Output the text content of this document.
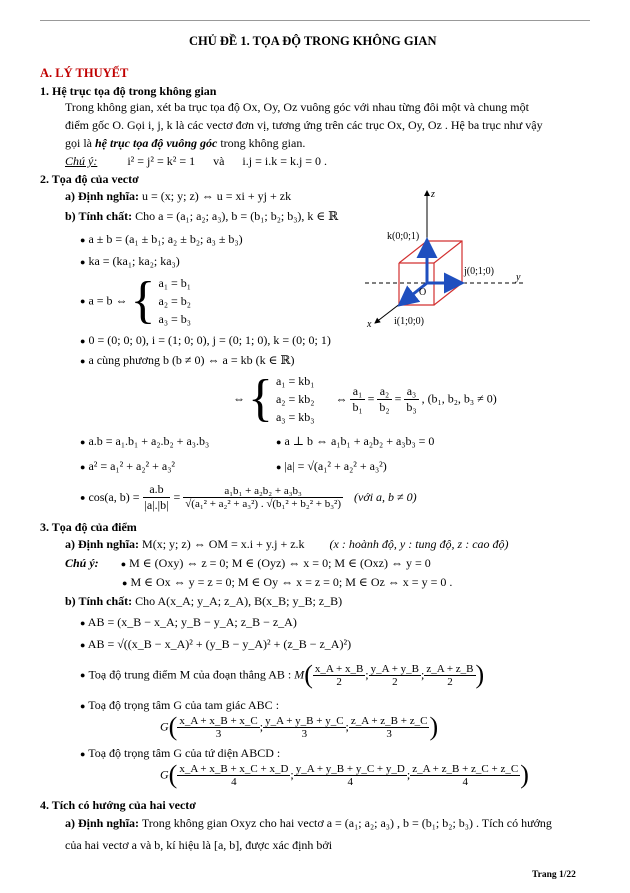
CHỦ ĐỀ 1. TỌA ĐỘ TRONG KHÔNG GIAN
A. LÝ THUYẾT
1. Hệ trục tọa độ trong không gian
Trong không gian, xét ba trục tọa độ Ox, Oy, Oz vuông góc với nhau từng đôi một và chung một
điểm gốc O. Gọi i, j, k là các vectơ đơn vị, tương ứng trên các trục Ox, Oy, Oz . Hệ ba trục như vậy
gọi là hệ trục tọa độ vuông góc trong không gian.
Chú ý:	i² = j² = k² = 1 và i.j = i.k = k.j = 0 .
2. Tọa độ của vectơ
a) Định nghĩa: u = (x; y; z) ⇔ u = xi + yj + zk
b) Tính chất: Cho a = (a₁; a₂; a₃), b = (b₁; b₂; b₃), k ∈ ℝ
● a ± b = (a₁ ± b₁; a₂ ± b₂; a₃ ± b₃)
● ka = (ka₁; ka₂; ka₃)
● a = b ⇔ { a₁ = b₁
a₂ = b₂
a₃ = b₃
● 0 = (0; 0; 0), i = (1; 0; 0), j = (0; 1; 0), k = (0; 0; 1)
● a cùng phương b (b ≠ 0) ⇔ a = kb (k ∈ ℝ)
⇔ { a₁ = kb₁
a₂ = kb₂
a₃ = kb₃
⇔ $\frac{\text{a₁}}{\text{b₁}} = \frac{\text{a₂}}{\text{b₂}} = \frac{\text{a₃}}{\text{b₃}}$ , (b₁, b₂, b₃ ≠ 0)
● a.b = a₁.b₁ + a₂.b₂ + a₃.b₃	● a ⊥ b ⇔ a₁b₁ + a₂b₂ + a₃b₃ = 0
● a² = a₁² + a₂² + a₃²	● |a| = √(a₁² + a₂² + a₃²)
● cos(a, $b) = \frac{a.b}{|a|.|b|} = \frac{\text{a₁b₁ + a₂b₂ + a₃b₃}}{\text{√(a₁² + a₂² + a₃²) . √(b₁² + b₂² + b₃²)}}$ (với a, b ≠ 0)
z
y
x
O
k(0;0;1)
j(0;1;0)
i(1;0;0)
3. Tọa độ của điểm
a) Định nghĩa: M(x; y; z) ⇔ OM = x.i + y.j + z.k (x : hoành độ, y : tung độ, z : cao độ)
Chú ý: ● M ∈ (Oxy) ⇔ z = 0; M ∈ (Oyz) ⇔ x = 0; M ∈ (Oxz) ⇔ y = 0
● M ∈ Ox ⇔ y = z = 0; M ∈ Oy ⇔ x = z = 0; M ∈ Oz ⇔ x = y = 0 .
b) Tính chất: Cho A(x_A; y_A; z_A), B(x_B; y_B; z_B)
● AB = (x_B − x_A; y_B − y_A; z_B − z_A)
● AB = √((x_B − x_A)² + (y_B − y_A)² + (z_B − z_A)²)
● Toạ độ trung điểm M của đoạn thẳng AB : $M( \frac{x\_A + x\_B}{2}$ ; $\frac{y\_A + y\_B}{2}$ ; $\frac{z\_A + z\_B}{2}$ )
● Toạ độ trọng tâm G của tam giác ABC :
$G( \frac{x\_A + x\_B + x\_C}{3}$ ; $\frac{y\_A + y\_B + y\_C}{3}$ ; $\frac{z\_A + z\_B + z\_C}{3}$ )
● Toạ độ trọng tâm G của tứ diện ABCD :
$G( \frac{x\_A + x\_B + x\_C + x\_D}{4}$ ; $\frac{y\_A + y\_B + y\_C + y\_D}{4}$ ; $\frac{z\_A + z\_B + z\_C + z\_C}{4}$ )
4. Tích có hướng của hai vectơ
a) Định nghĩa: Trong không gian Oxyz cho hai vectơ a = (a₁; a₂; a₃) , b = (b₁; b₂; b₃) . Tích có hướng
của hai vectơ a và b, kí hiệu là [a, b], được xác định bởi
Trang 1/22
